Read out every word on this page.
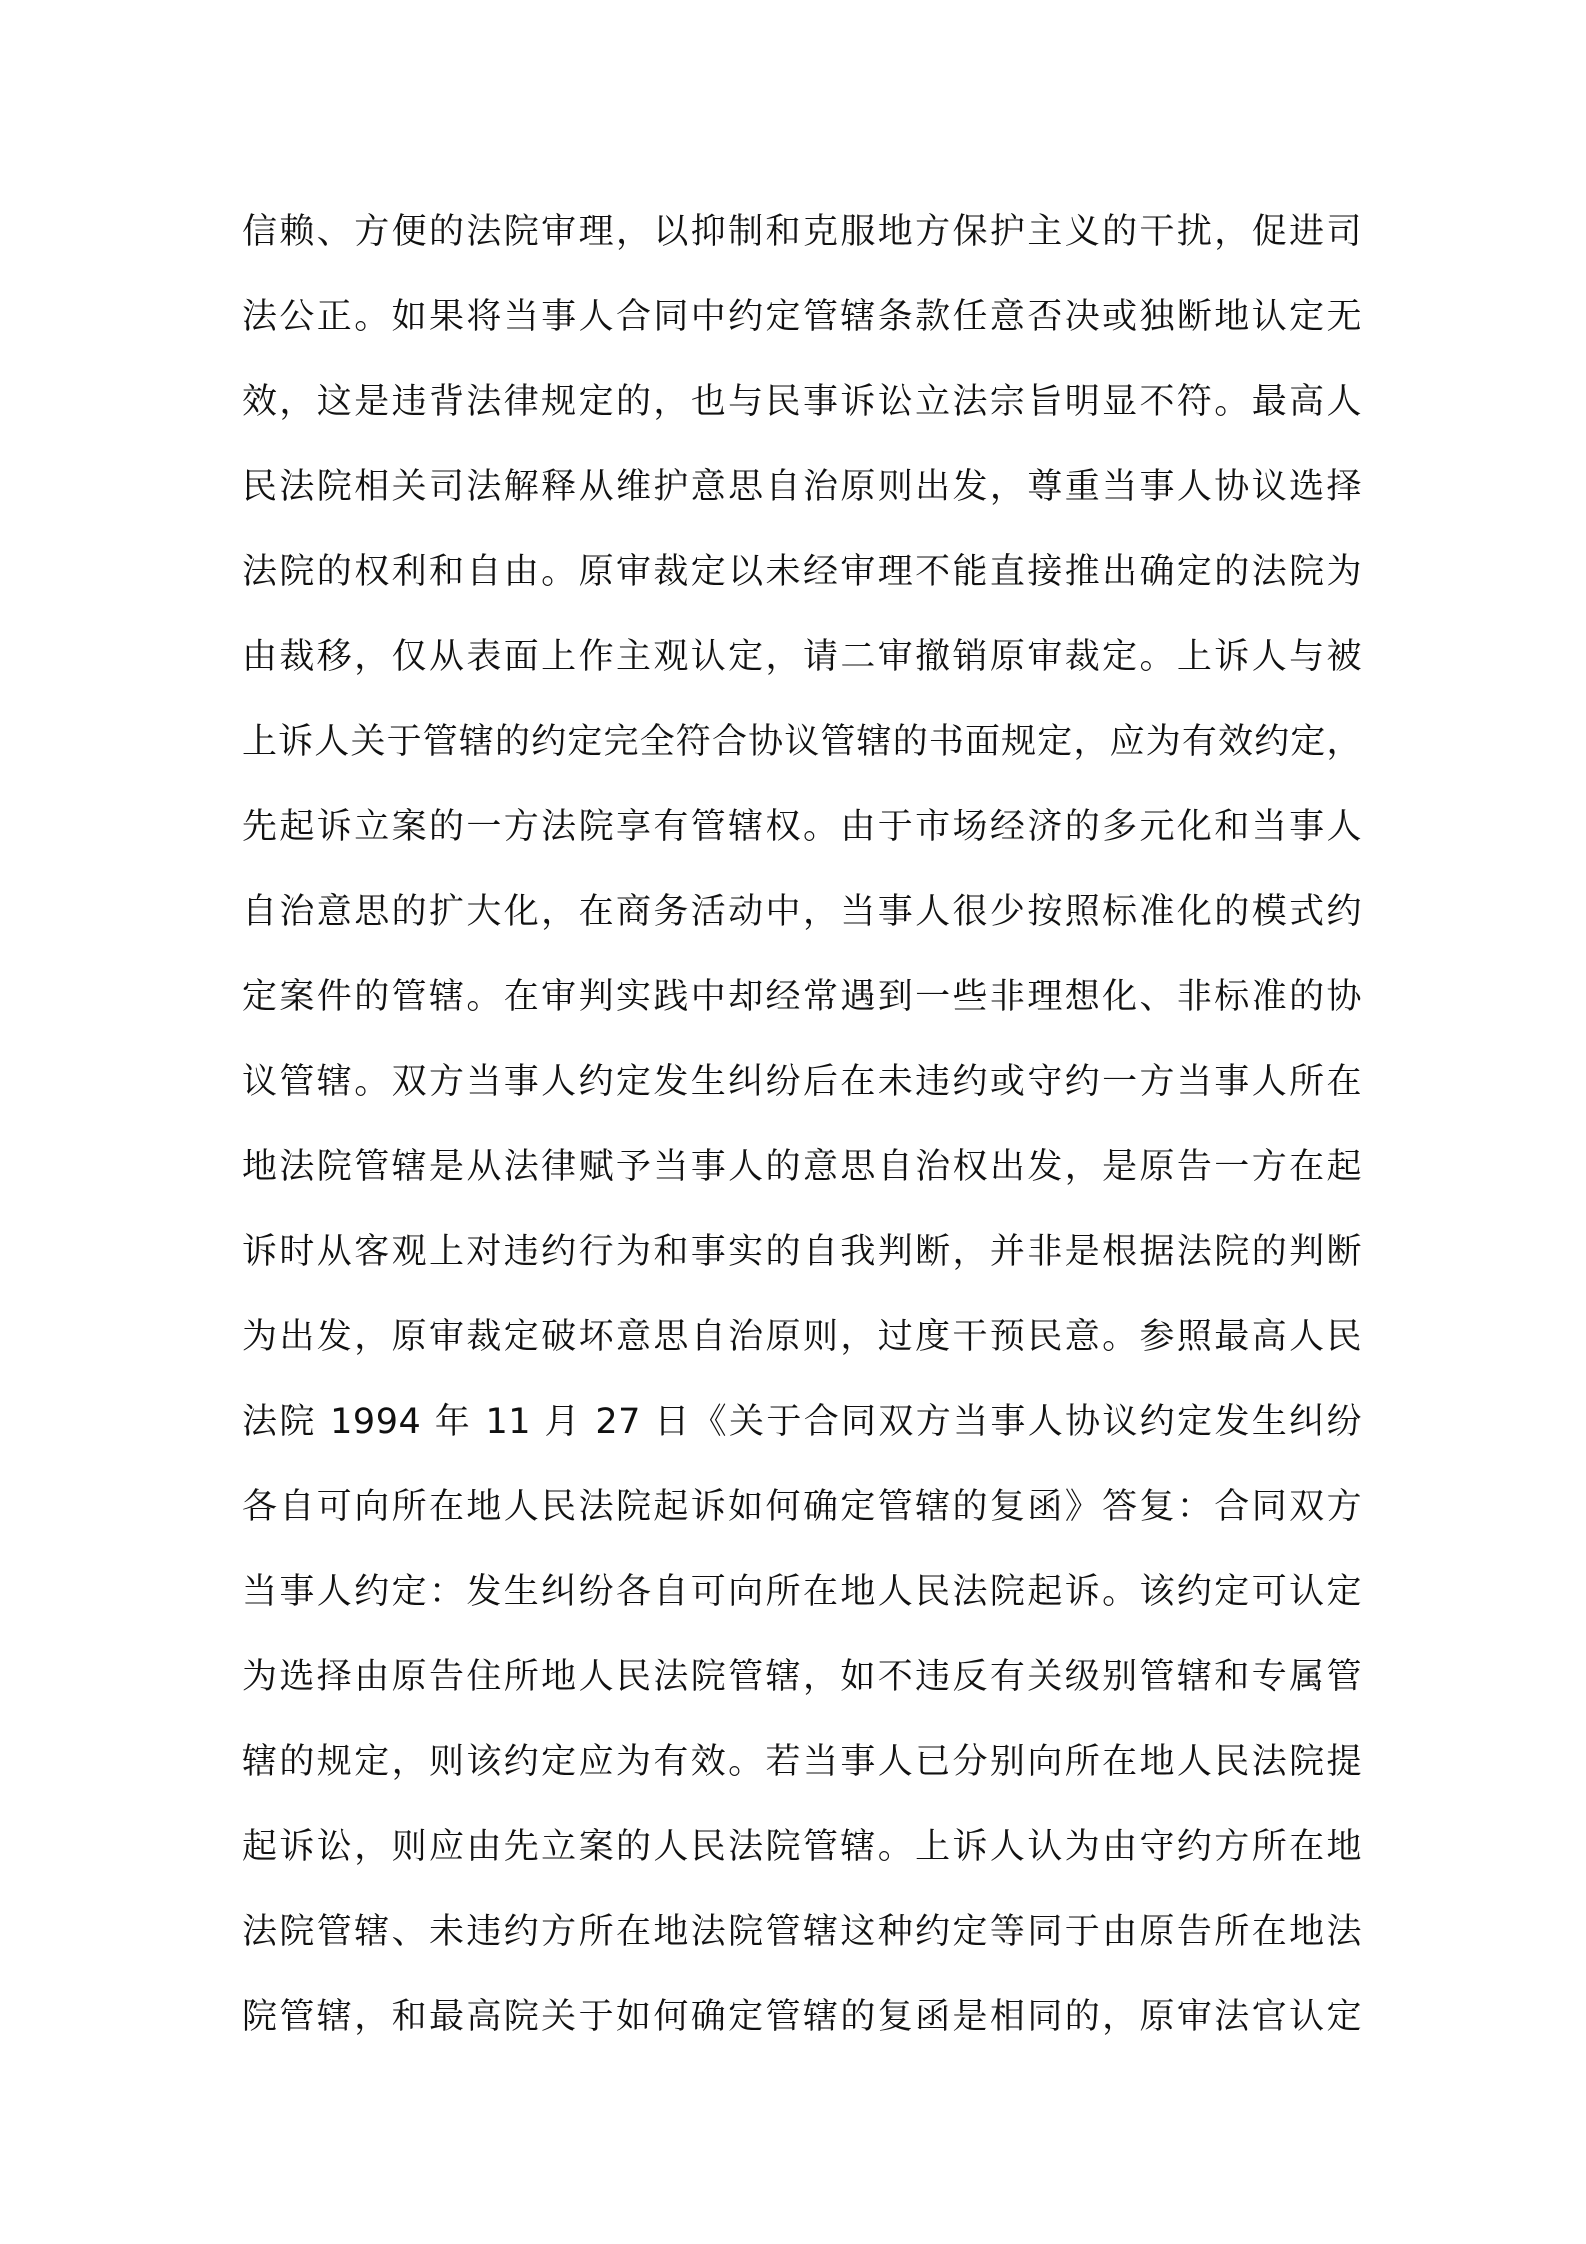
信赖、方便的法院审理，以抑制和克服地方保护主义的干扰，促进司
法公正。如果将当事人合同中约定管辖条款任意否决或独断地认定无
效，这是违背法律规定的，也与民事诉讼立法宗旨明显不符。最高人
民法院相关司法解释从维护意思自治原则出发，尊重当事人协议选择
法院的权利和自由。原审裁定以未经审理不能直接推出确定的法院为
由裁移，仅从表面上作主观认定，请二审撤销原审裁定。上诉人与被
上诉人关于管辖的约定完全符合协议管辖的书面规定，应为有效约定，
先起诉立案的一方法院享有管辖权。由于市场经济的多元化和当事人
自治意思的扩大化，在商务活动中，当事人很少按照标准化的模式约
定案件的管辖。在审判实践中却经常遇到一些非理想化、非标准的协
议管辖。双方当事人约定发生纠纷后在未违约或守约一方当事人所在
地法院管辖是从法律赋予当事人的意思自治权出发，是原告一方在起
诉时从客观上对违约行为和事实的自我判断，并非是根据法院的判断
为出发，原审裁定破坏意思自治原则，过度干预民意。参照最高人民
法院 1994 年 11 月 27 日《关于合同双方当事人协议约定发生纠纷
各自可向所在地人民法院起诉如何确定管辖的复函》答复：合同双方
当事人约定：发生纠纷各自可向所在地人民法院起诉。该约定可认定
为选择由原告住所地人民法院管辖，如不违反有关级别管辖和专属管
辖的规定，则该约定应为有效。若当事人已分别向所在地人民法院提
起诉讼，则应由先立案的人民法院管辖。上诉人认为由守约方所在地
法院管辖、未违约方所在地法院管辖这种约定等同于由原告所在地法
院管辖，和最高院关于如何确定管辖的复函是相同的，原审法官认定
